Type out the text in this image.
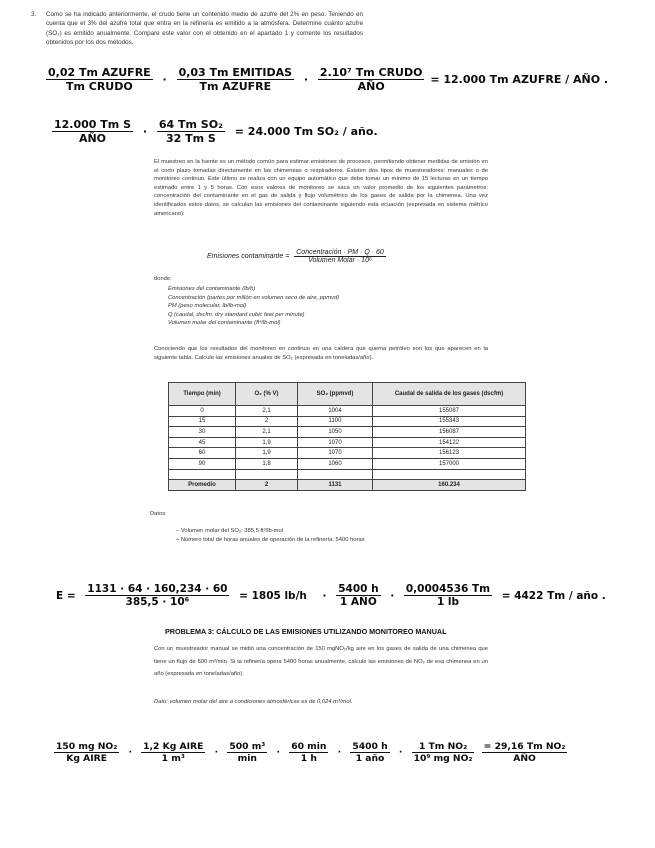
3. Como se ha indicado anteriormente, el crudo tiene un contenido medio de azufre del 2% en peso. Teniendo en cuenta que el 3% del azufre total que entra en la refinería es emitido a la atmósfera. Determine cuánto azufre (SO₂) es emitido anualmente. Compare este valor con el obtenido en el apartado 1 y comente los resultados obtenidos por los dos métodos.
$\frac{\text{0,02 Tm AZUFRE}}{\text{Tm CRUDO}} \cdot \frac{\text{0,03 Tm EMITIDAS}}{\text{Tm AZUFRE}} \cdot \frac{\text{2.10⁷ Tm CRUDO}}{\text{AÑO}} = 12.000$ Tm AZUFRE / AÑO .
$\frac{\text{12.000 Tm S}}{\text{AÑO}} \cdot \frac{\text{64 Tm SO₂}}{\text{32 Tm S}} = 24.000$ Tm SO₂ / año.
El muestreo en la fuente es un método común para estimar emisiones de procesos, permitiendo obtener medidas de emisión en el corto plazo tomadas directamente en las chimeneas o respiraderos. Existen dos tipos de muestreadores: manuales o de monitoreo continuo. Este último se realiza con un equipo automático que debe tomar un mínimo de 15 lecturas en un tiempo estimado entre 1 y 5 horas. Con esos valores de monitoreo se saca un valor promedio de los siguientes parámetros: concentración del contaminante en el gas de salida y flujo volumétrico de los gases de salida por la chimenea. Una vez identificados estos datos, se calculan las emisiones del contaminante siguiendo esta ecuación (expresada en sistema métrico americano):
Emisiones contaminante = $\frac{\text{Concentración · PM · Q · 60}}{\text{Volumen Molar · 10⁶}}$
donde:
Emisiones del contaminante (lb/h)
Concentración (partes por millón en volumen seco de aire, ppmvd)
PM (peso molecular, lb/lb-mol)
Q (caudal, dscfm: dry standard cubic feet per minute)
Volumen molar del contaminante (ft³/lb-mol)
Conociendo que los resultados del monitoreo en continuo en una caldera que quema petróleo son los que aparecen en la siguiente tabla. Calcule las emisiones anuales de SO₂ (expresada en toneladas/año).
Tiempo (min)	O₂ (% V)	SO₂ (ppmvd)	Caudal de salida de los gases (dscfm)
0	2,1	1004	155087
15	2	1100	155343
30	2,1	1050	156087
45	1,9	1070	154122
60	1,9	1070	156123
90	1,8	1060	157000

Promedio	2	1131	160.234
Datos:
– Volumen molar del SO₂: 385,5 ft³/lb-mol
– Número total de horas anuales de operación de la refinería: 5400 horas
$E = \frac{1131 \cdot 64 \cdot 160,234 \cdot 60}{\text{385,5 · 10⁶}} = 1805$ $lb/h \cdot \frac{5400 h}{\text{1 AÑO}} \cdot \frac{0,0004536 Tm}{1 lb} = 4422$ Tm / año .
PROBLEMA 3: CÁLCULO DE LAS EMISIONES UTILIZANDO MONITOREO MANUAL
Con un muestreador manual se midió una concentración de 150 mgNO₂/kg aire en los gases de salida de una chimenea que tiene un flujo de 500 m³/min. Si la refinería opera 5400 horas anualmente, calcule las emisiones de NO₂ de esa chimenea en un año (expresada en toneladas/año).
Dato: volumen molar del aire a condiciones atmosféricas es de 0,024 m³/mol.
$\frac{\text{150 mg NO₂}}{\text{Kg AIRE}} \cdot \frac{\text{1,2 Kg AIRE}}{\text{1 m³}} \cdot \frac{\text{500 m³}}{\min} \cdot \frac{60 \min}{1 h} \cdot \frac{5400 h}{\text{1 año}} \cdot \frac{\text{1 Tm NO₂}}{\text{10⁹ mg NO₂}}$
$\frac{\text{= 29,16 Tm NO₂}}{\text{AÑO}}$
